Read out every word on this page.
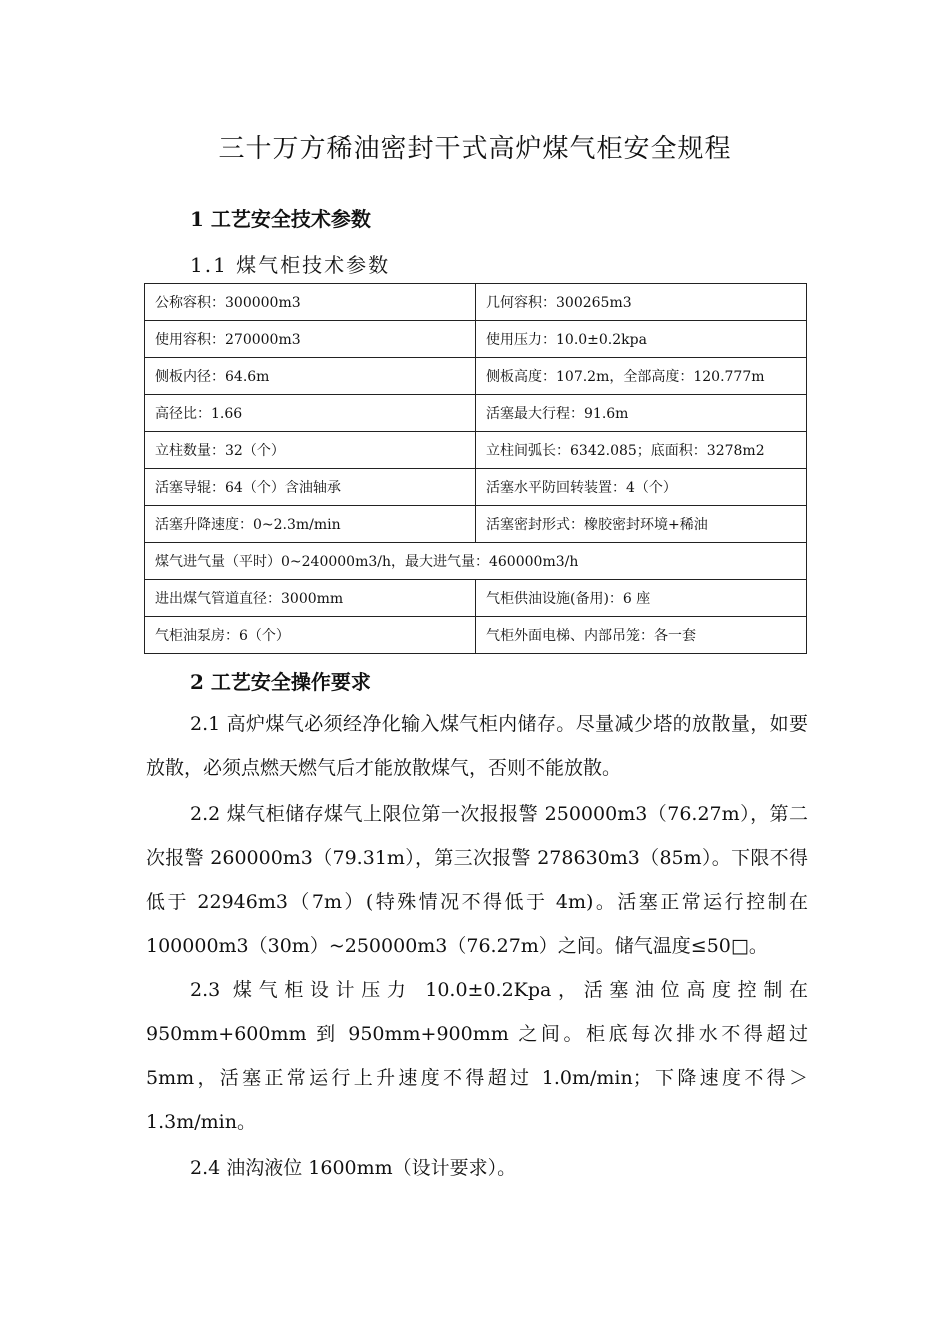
三十万方稀油密封干式高炉煤气柜安全规程
1 工艺安全技术参数
1.1 煤气柜技术参数
公称容积：300000m3	几何容积：300265m3
使用容积：270000m3	使用压力：10.0±0.2kpa
侧板内径：64.6m	侧板高度：107.2m，全部高度：120.777m
高径比：1.66	活塞最大行程：91.6m
立柱数量：32（个）	立柱间弧长：6342.085；底面积：3278m2
活塞导辊：64（个）含油轴承	活塞水平防回转装置：4（个）
活塞升降速度：0~2.3m/min	活塞密封形式：橡胶密封环境+稀油
煤气进气量（平时）0~240000m3/h，最大进气量：460000m3/h	
进出煤气管道直径：3000mm	气柜供油设施(备用)：6 座
气柜油泵房：6（个）	气柜外面电梯、内部吊笼：各一套
2 工艺安全操作要求
2.1 高炉煤气必须经净化输入煤气柜内储存。尽量减少塔的放散量，如要放散，必须点燃天燃气后才能放散煤气，否则不能放散。
2.2 煤气柜储存煤气上限位第一次报报警 250000m3（76.27m），第二次报警 260000m3（79.31m），第三次报警 278630m3（85m）。下限不得低于 22946m3（7m）(特殊情况不得低于 4m)。活塞正常运行控制在 100000m3（30m）~250000m3（76.27m）之间。储气温度≤50□。
2.3 煤气柜设计压力 10.0±0.2Kpa，活塞油位高度控制在 950mm+600mm 到 950mm+900mm 之间。柜底每次排水不得超过 5mm，活塞正常运行上升速度不得超过 1.0m/min；下降速度不得＞1.3m/min。
2.4 油沟液位 1600mm（设计要求）。
